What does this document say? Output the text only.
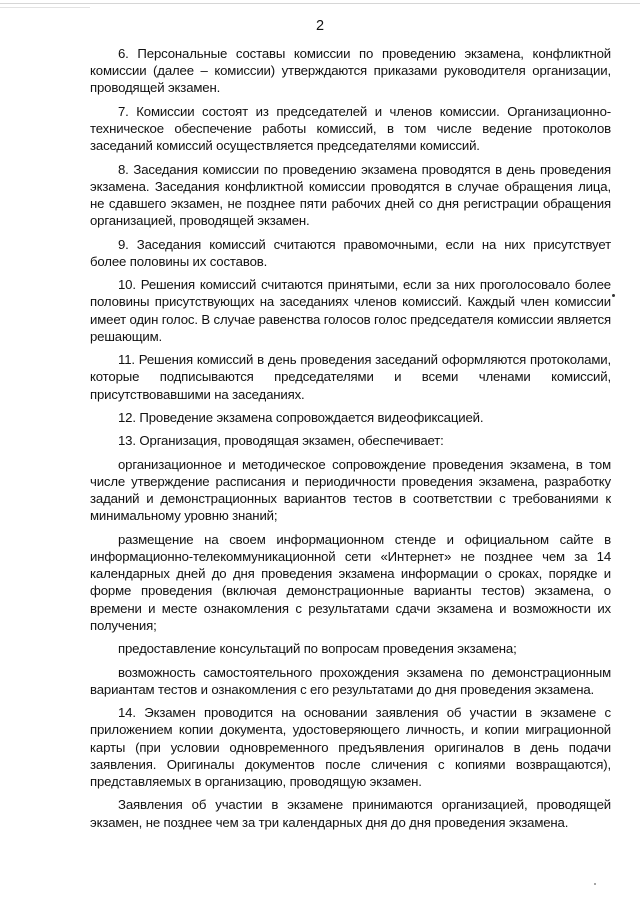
2

6. Персональные составы комиссии по проведению экзамена, конфликтной комиссии (далее – комиссии) утверждаются приказами руководителя организации, проводящей экзамен.

7. Комиссии состоят из председателей и членов комиссии. Организационно-техническое обеспечение работы комиссий, в том числе ведение протоколов заседаний комиссий осуществляется председателями комиссий.

8. Заседания комиссии по проведению экзамена проводятся в день проведения экзамена. Заседания конфликтной комиссии проводятся в случае обращения лица, не сдавшего экзамен, не позднее пяти рабочих дней со дня регистрации обращения организацией, проводящей экзамен.

9. Заседания комиссий считаются правомочными, если на них присутствует более половины их составов.

10. Решения комиссий считаются принятыми, если за них проголосовало более половины присутствующих на заседаниях членов комиссий. Каждый член комиссии имеет один голос. В случае равенства голосов голос председателя комиссии является решающим.

11. Решения комиссий в день проведения заседаний оформляются протоколами, которые подписываются председателями и всеми членами комиссий, присутствовавшими на заседаниях.

12. Проведение экзамена сопровождается видеофиксацией.

13. Организация, проводящая экзамен, обеспечивает:

организационное и методическое сопровождение проведения экзамена, в том числе утверждение расписания и периодичности проведения экзамена, разработку заданий и демонстрационных вариантов тестов в соответствии с требованиями к минимальному уровню знаний;

размещение на своем информационном стенде и официальном сайте в информационно-телекоммуникационной сети «Интернет» не позднее чем за 14 календарных дней до дня проведения экзамена информации о сроках, порядке и форме проведения (включая демонстрационные варианты тестов) экзамена, о времени и месте ознакомления с результатами сдачи экзамена и возможности их получения;

предоставление консультаций по вопросам проведения экзамена;

возможность самостоятельного прохождения экзамена по демонстрационным вариантам тестов и ознакомления с его результатами до дня проведения экзамена.

14. Экзамен проводится на основании заявления об участии в экзамене с приложением копии документа, удостоверяющего личность, и копии миграционной карты (при условии одновременного предъявления оригиналов в день подачи заявления. Оригиналы документов после сличения с копиями возвращаются), представляемых в организацию, проводящую экзамен.

Заявления об участии в экзамене принимаются организацией, проводящей экзамен, не позднее чем за три календарных дня до дня проведения экзамена.
